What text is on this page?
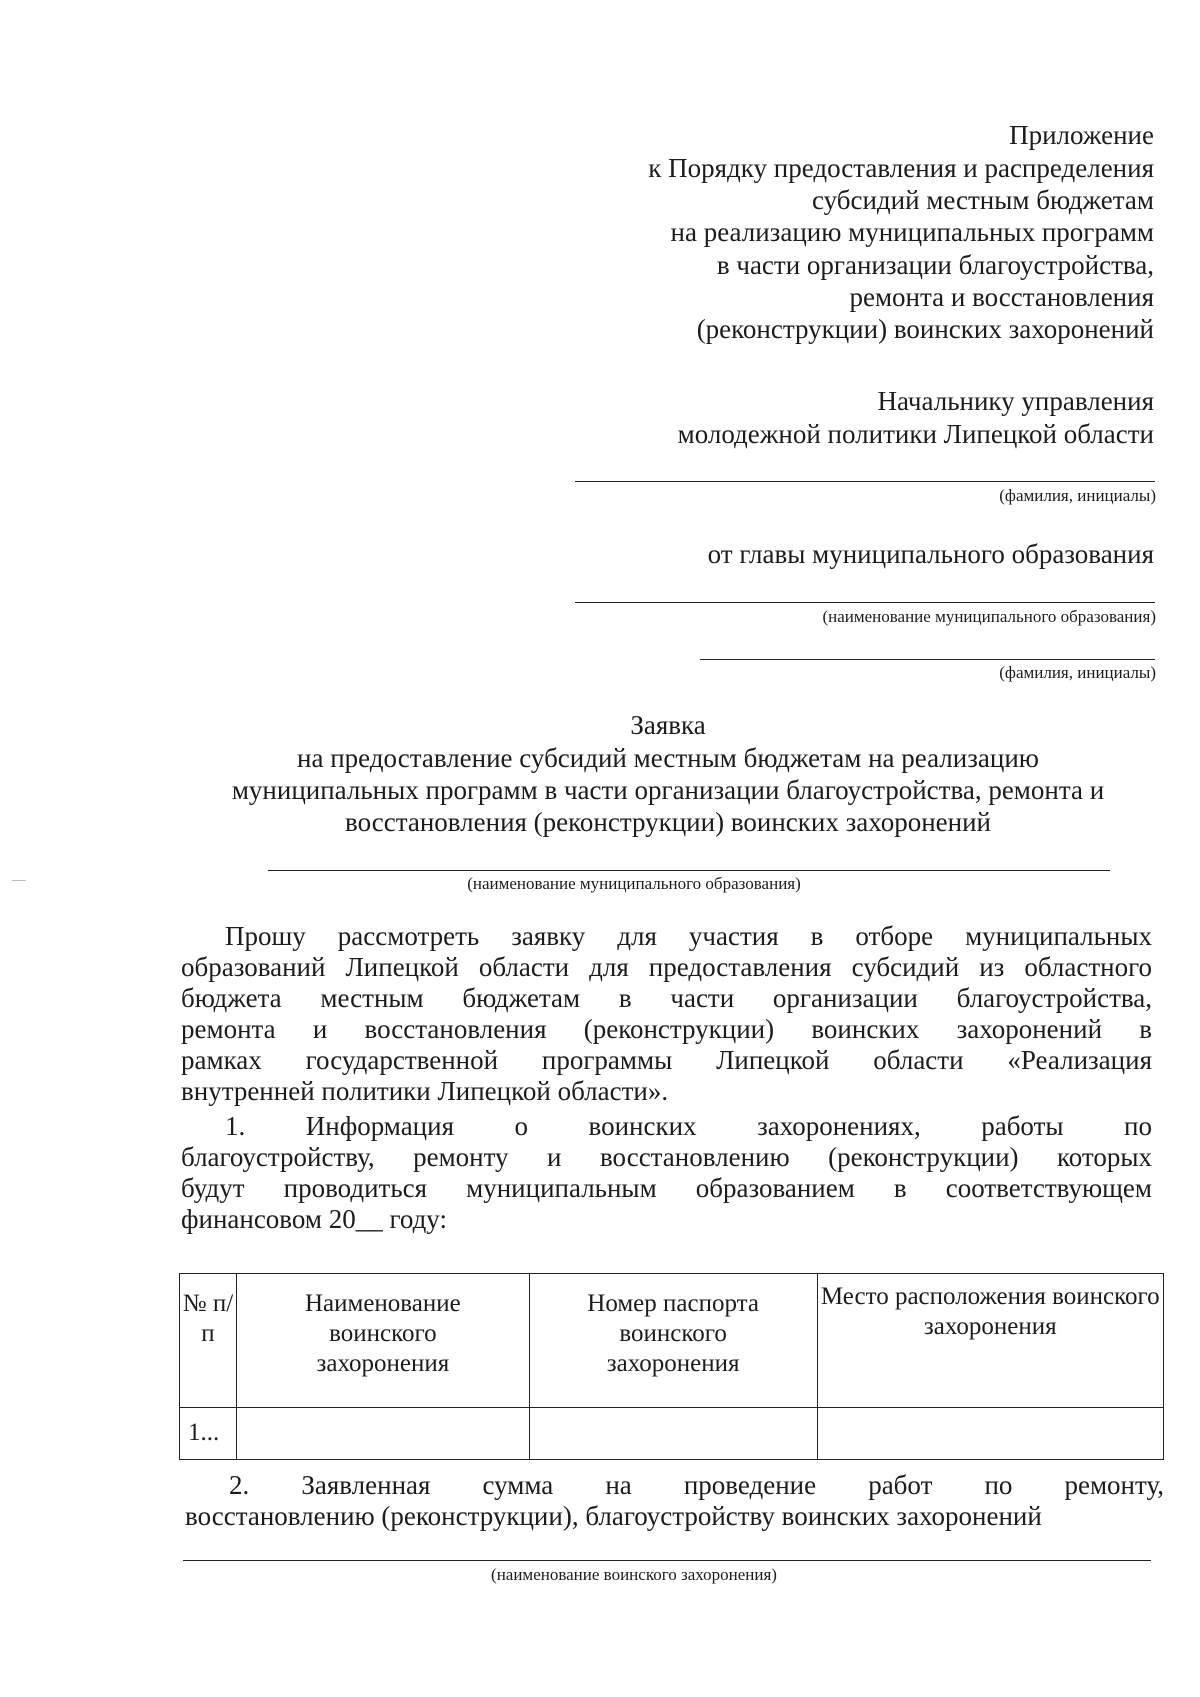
Приложение
к Порядку предоставления и распределения
субсидий местным бюджетам
на реализацию муниципальных программ
в части организации благоустройства,
ремонта и восстановления
(реконструкции) воинских захоронений
Начальнику управления
молодежной политики Липецкой области
(фамилия, инициалы)
от главы муниципального образования
(наименование муниципального образования)
(фамилия, инициалы)
Заявка
на предоставление субсидий местным бюджетам на реализацию
муниципальных программ в части организации благоустройства, ремонта и
восстановления (реконструкции) воинских захоронений
(наименование муниципального образования)
Прошу рассмотреть заявку для участия в отборе муниципальных
образований Липецкой области для предоставления субсидий из областного
бюджета местным бюджетам в части организации благоустройства,
ремонта и восстановления (реконструкции) воинских захоронений в
рамках государственной программы Липецкой области «Реализация
внутренней политики Липецкой области».
1. Информация о воинских захоронениях, работы по
благоустройству, ремонту и восстановлению (реконструкции) которых
будут проводиться муниципальным образованием в соответствующем
финансовом 20__ году:
№ п/п	Наименование воинского захоронения	Номер паспорта воинского захоронения	Место расположения воинского захоронения
1...			
2. Заявленная сумма на проведение работ по ремонту,
восстановлению (реконструкции), благоустройству воинских захоронений
(наименование воинского захоронения)
